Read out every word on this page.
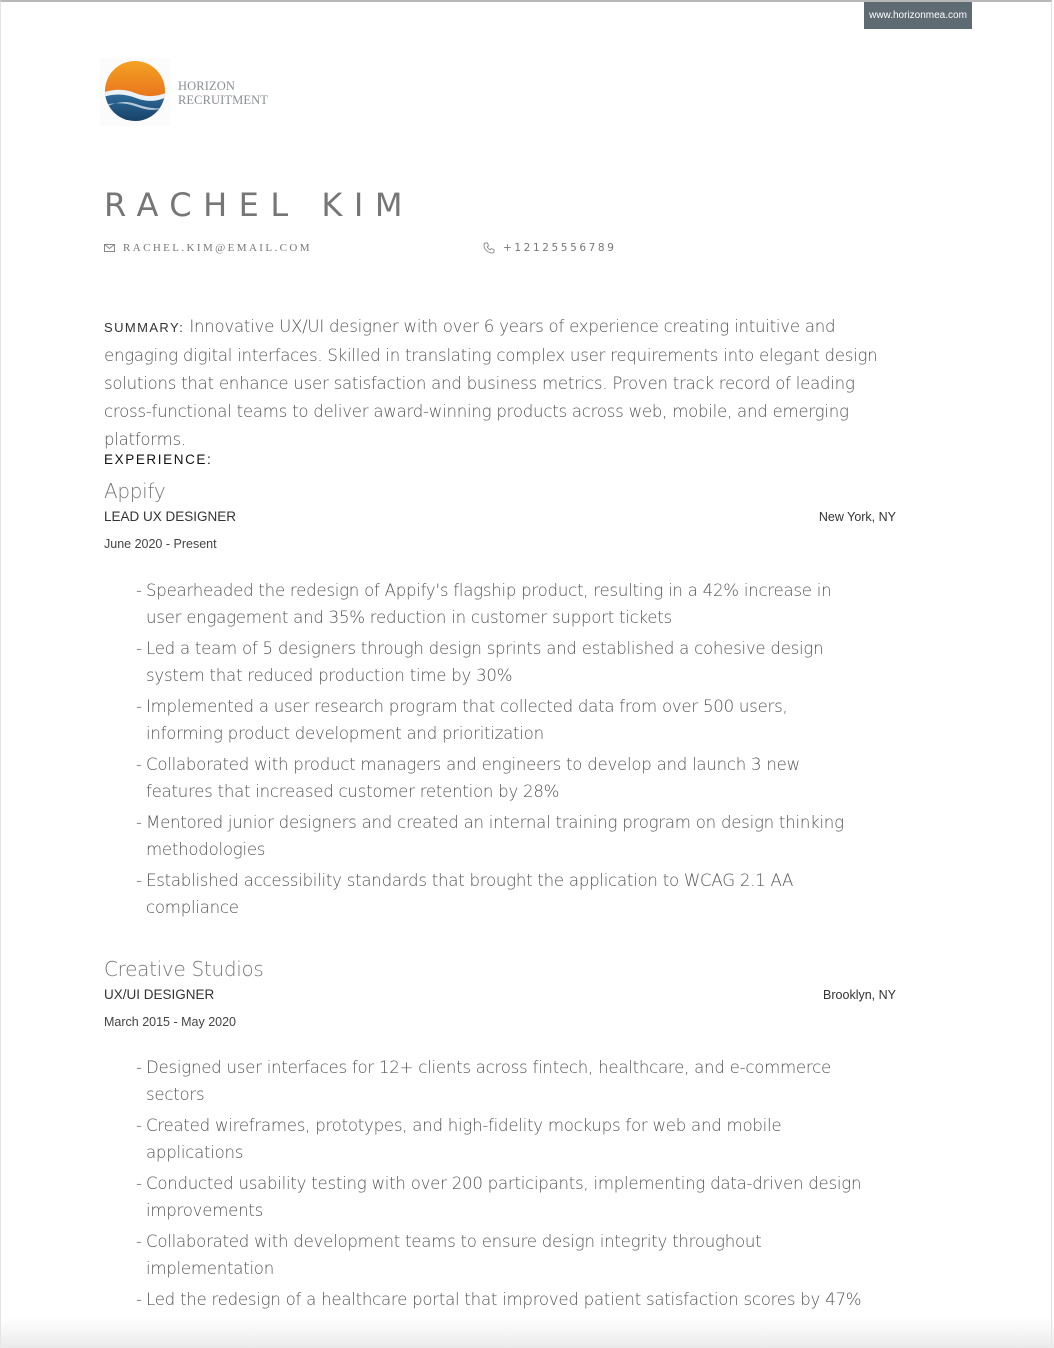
www.horizonmea.com
HORIZON
RECRUITMENT
RACHEL KIM
RACHEL.KIM@EMAIL.COM	+12125556789

SUMMARY: Innovative UX/UI designer with over 6 years of experience creating intuitive and engaging digital interfaces. Skilled in translating complex user requirements into elegant design solutions that enhance user satisfaction and business metrics. Proven track record of leading cross-functional teams to deliver award-winning products across web, mobile, and emerging platforms.

EXPERIENCE:
Appify
LEAD UX DESIGNER	New York, NY
June 2020 - Present
- Spearheaded the redesign of Appify's flagship product, resulting in a 42% increase in user engagement and 35% reduction in customer support tickets
- Led a team of 5 designers through design sprints and established a cohesive design system that reduced production time by 30%
- Implemented a user research program that collected data from over 500 users, informing product development and prioritization
- Collaborated with product managers and engineers to develop and launch 3 new features that increased customer retention by 28%
- Mentored junior designers and created an internal training program on design thinking methodologies
- Established accessibility standards that brought the application to WCAG 2.1 AA compliance
Creative Studios
UX/UI DESIGNER	Brooklyn, NY
March 2015 - May 2020
- Designed user interfaces for 12+ clients across fintech, healthcare, and e-commerce sectors
- Created wireframes, prototypes, and high-fidelity mockups for web and mobile applications
- Conducted usability testing with over 200 participants, implementing data-driven design improvements
- Collaborated with development teams to ensure design integrity throughout implementation
- Led the redesign of a healthcare portal that improved patient satisfaction scores by 47%
